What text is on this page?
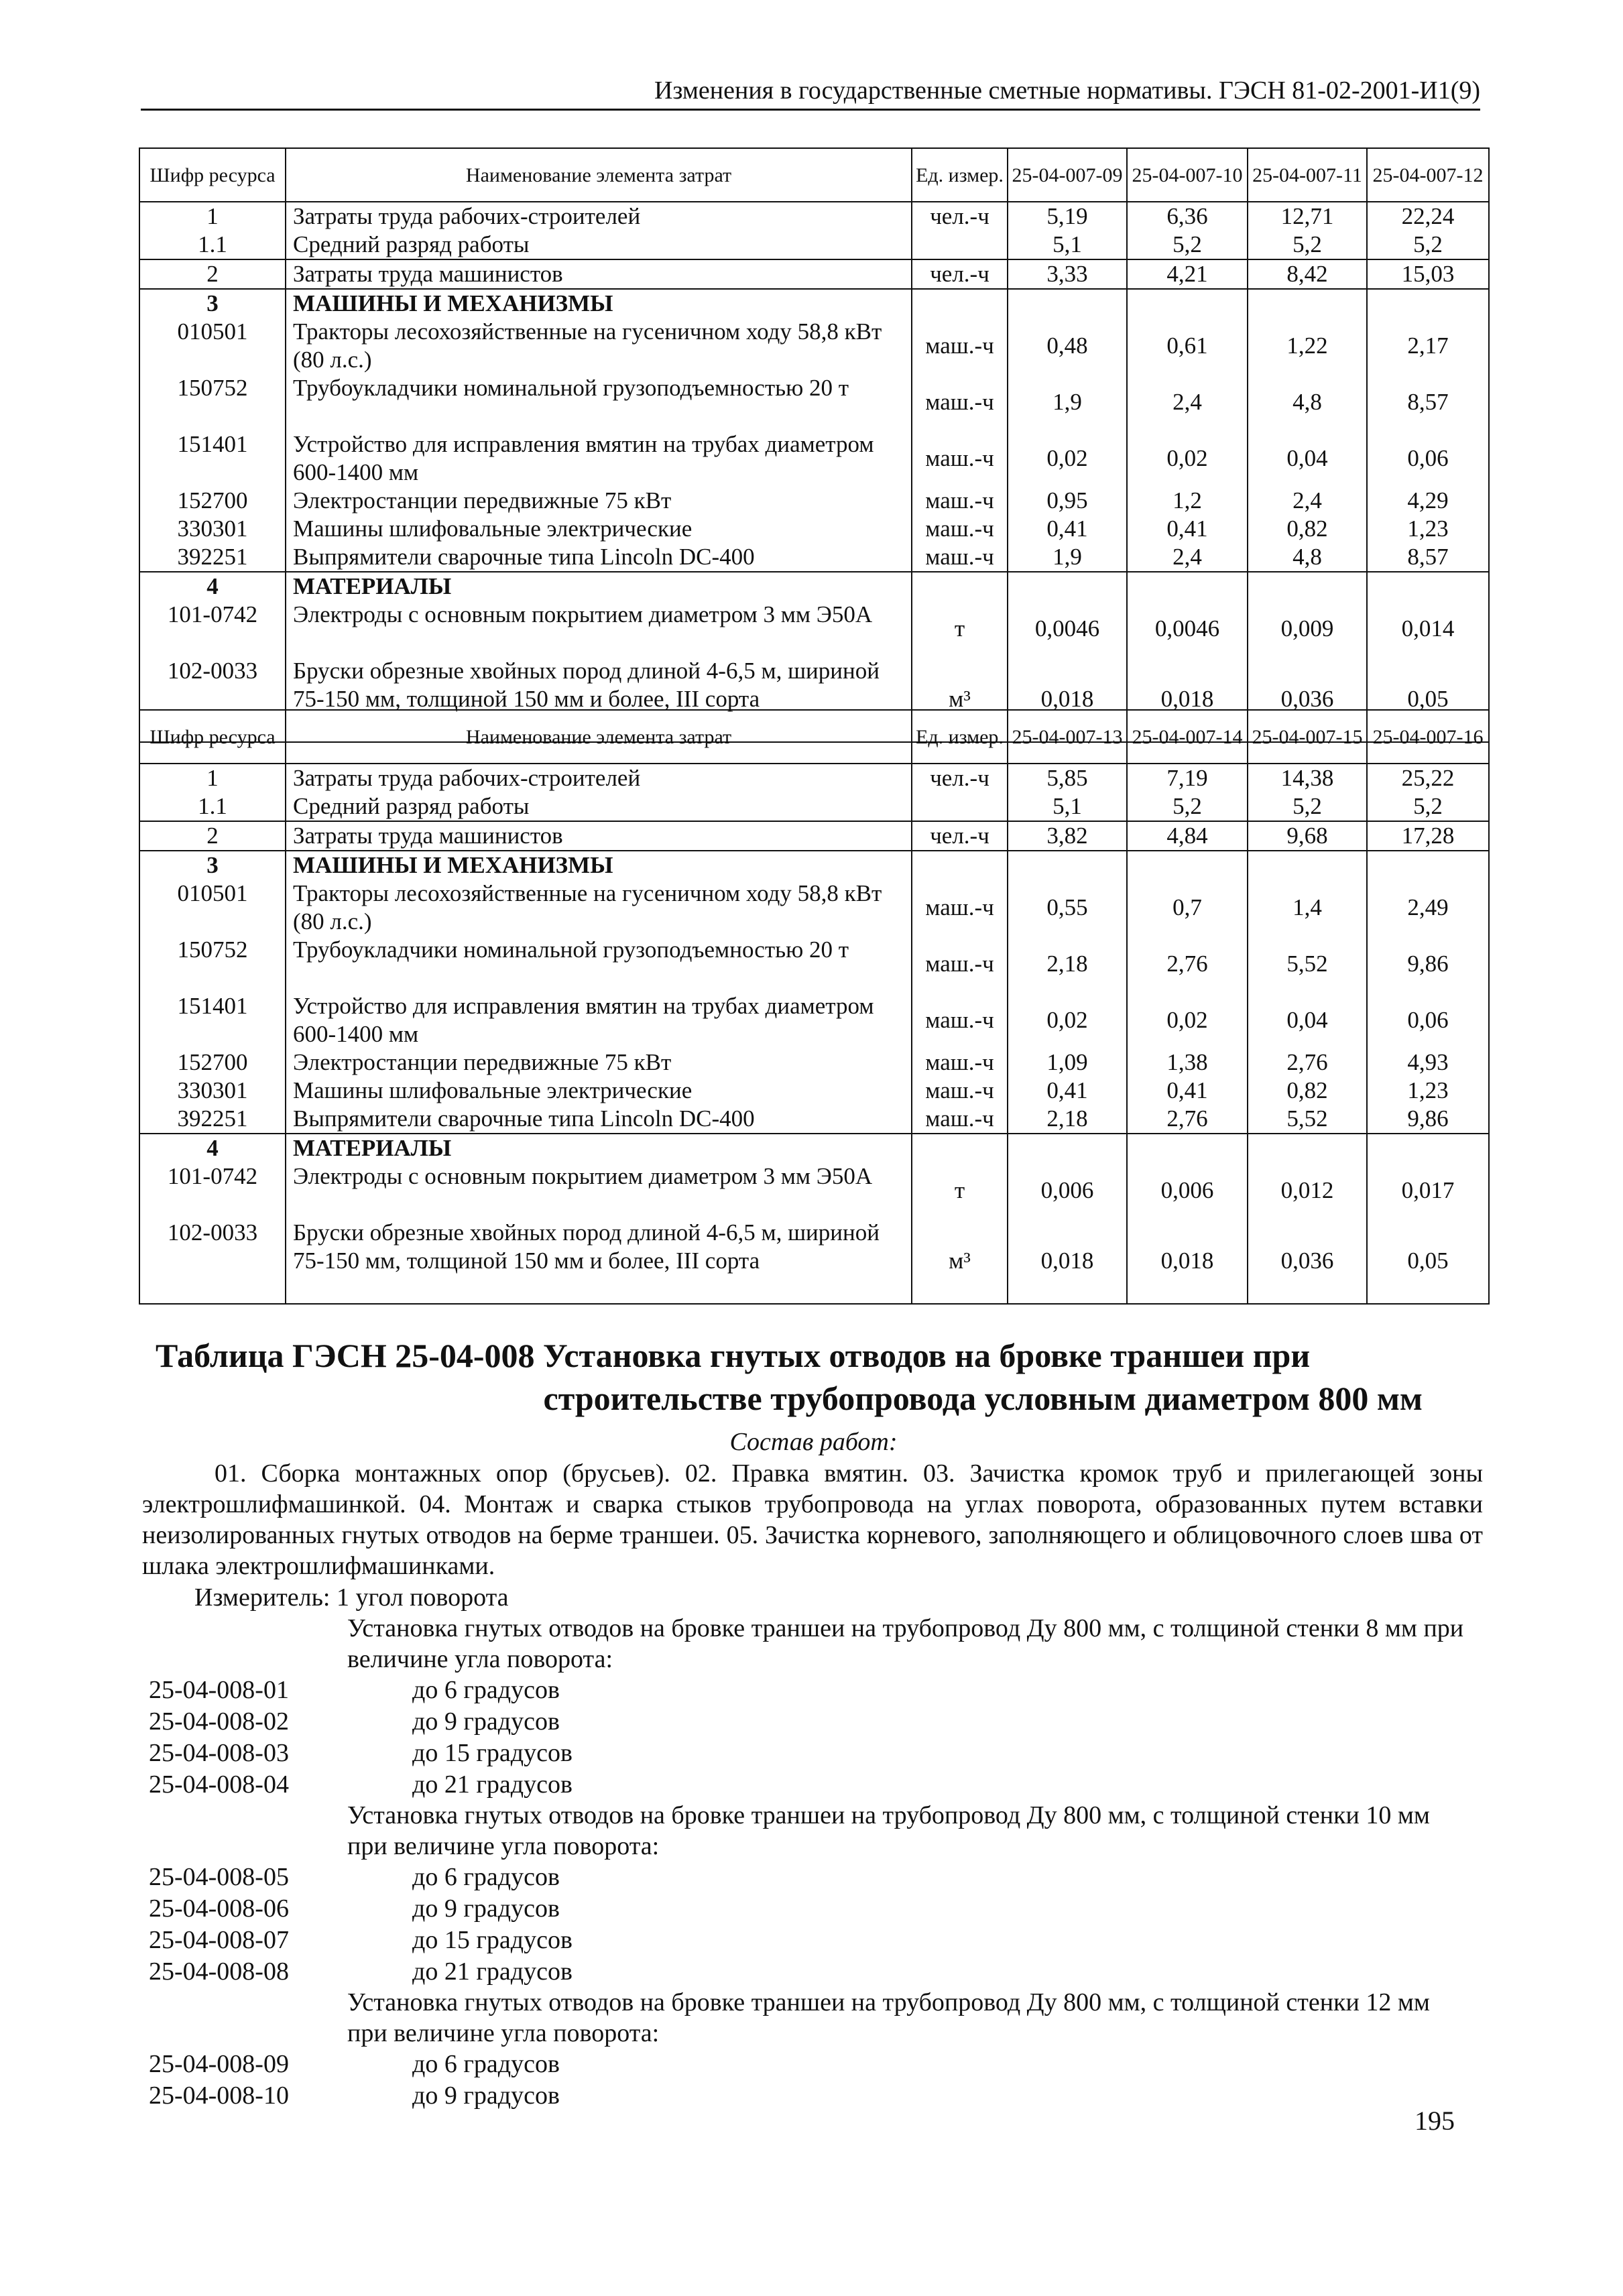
Изменения в государственные сметные нормативы. ГЭСН 81-02-2001-И1(9)
Шифр ресурса	Наименование элемента затрат	Ед. измер.	25-04-007-09	25-04-007-10	25-04-007-11	25-04-007-12
1	Затраты труда рабочих-строителей	чел.-ч	5,19	6,36	12,71	22,24
1.1	Средний разряд работы		5,1	5,2	5,2	5,2
2	Затраты труда машинистов	чел.-ч	3,33	4,21	8,42	15,03
3	МАШИНЫ И МЕХАНИЗМЫ					
010501	Тракторы лесохозяйственные на гусеничном ходу 58,8 кВт (80 л.с.)	маш.-ч	0,48	0,61	1,22	2,17
150752	Трубоукладчики номинальной грузоподъемностью 20 т	маш.-ч	1,9	2,4	4,8	8,57
151401	Устройство для исправления вмятин на трубах диаметром 600-1400 мм	маш.-ч	0,02	0,02	0,04	0,06
152700	Электростанции передвижные 75 кВт	маш.-ч	0,95	1,2	2,4	4,29
330301	Машины шлифовальные электрические	маш.-ч	0,41	0,41	0,82	1,23
392251	Выпрямители сварочные типа Lincoln DC-400	маш.-ч	1,9	2,4	4,8	8,57
4	МАТЕРИАЛЫ					
101-0742	Электроды с основным покрытием диаметром 3 мм Э50А	т	0,0046	0,0046	0,009	0,014
102-0033	Бруски обрезные хвойных пород длиной 4-6,5 м, шириной 75-150 мм, толщиной 150 мм и более, III сорта	м³	0,018	0,018	0,036	0,05
Шифр ресурса	Наименование элемента затрат	Ед. измер.	25-04-007-13	25-04-007-14	25-04-007-15	25-04-007-16
1	Затраты труда рабочих-строителей	чел.-ч	5,85	7,19	14,38	25,22
1.1	Средний разряд работы		5,1	5,2	5,2	5,2
2	Затраты труда машинистов	чел.-ч	3,82	4,84	9,68	17,28
3	МАШИНЫ И МЕХАНИЗМЫ					
010501	Тракторы лесохозяйственные на гусеничном ходу 58,8 кВт (80 л.с.)	маш.-ч	0,55	0,7	1,4	2,49
150752	Трубоукладчики номинальной грузоподъемностью 20 т	маш.-ч	2,18	2,76	5,52	9,86
151401	Устройство для исправления вмятин на трубах диаметром 600-1400 мм	маш.-ч	0,02	0,02	0,04	0,06
152700	Электростанции передвижные 75 кВт	маш.-ч	1,09	1,38	2,76	4,93
330301	Машины шлифовальные электрические	маш.-ч	0,41	0,41	0,82	1,23
392251	Выпрямители сварочные типа Lincoln DC-400	маш.-ч	2,18	2,76	5,52	9,86
4	МАТЕРИАЛЫ					
101-0742	Электроды с основным покрытием диаметром 3 мм Э50А	т	0,006	0,006	0,012	0,017
102-0033	Бруски обрезные хвойных пород длиной 4-6,5 м, шириной 75-150 мм, толщиной 150 мм и более, III сорта	м³	0,018	0,018	0,036	0,05
Таблица ГЭСН 25-04-008 Установка гнутых отводов на бровке траншеи при
строительстве трубопровода условным диаметром 800 мм
Состав работ:
01. Сборка монтажных опор (брусьев). 02. Правка вмятин. 03. Зачистка кромок труб и прилегающей зоны электрошлифмашинкой. 04. Монтаж и сварка стыков трубопровода на углах поворота, образованных путем вставки неизолированных гнутых отводов на берме траншеи. 05. Зачистка корневого, заполняющего и облицовочного слоев шва от шлака электрошлифмашинками.
Измеритель: 1 угол поворота
Установка гнутых отводов на бровке траншеи на трубопровод Ду 800 мм, с толщиной стенки 8 мм при величине угла поворота:
25-04-008-01	до 6 градусов
25-04-008-02	до 9 градусов
25-04-008-03	до 15 градусов
25-04-008-04	до 21 градусов
Установка гнутых отводов на бровке траншеи на трубопровод Ду 800 мм, с толщиной стенки 10 мм при величине угла поворота:
25-04-008-05	до 6 градусов
25-04-008-06	до 9 градусов
25-04-008-07	до 15 градусов
25-04-008-08	до 21 градусов
Установка гнутых отводов на бровке траншеи на трубопровод Ду 800 мм, с толщиной стенки 12 мм при величине угла поворота:
25-04-008-09	до 6 градусов
25-04-008-10	до 9 градусов
195
